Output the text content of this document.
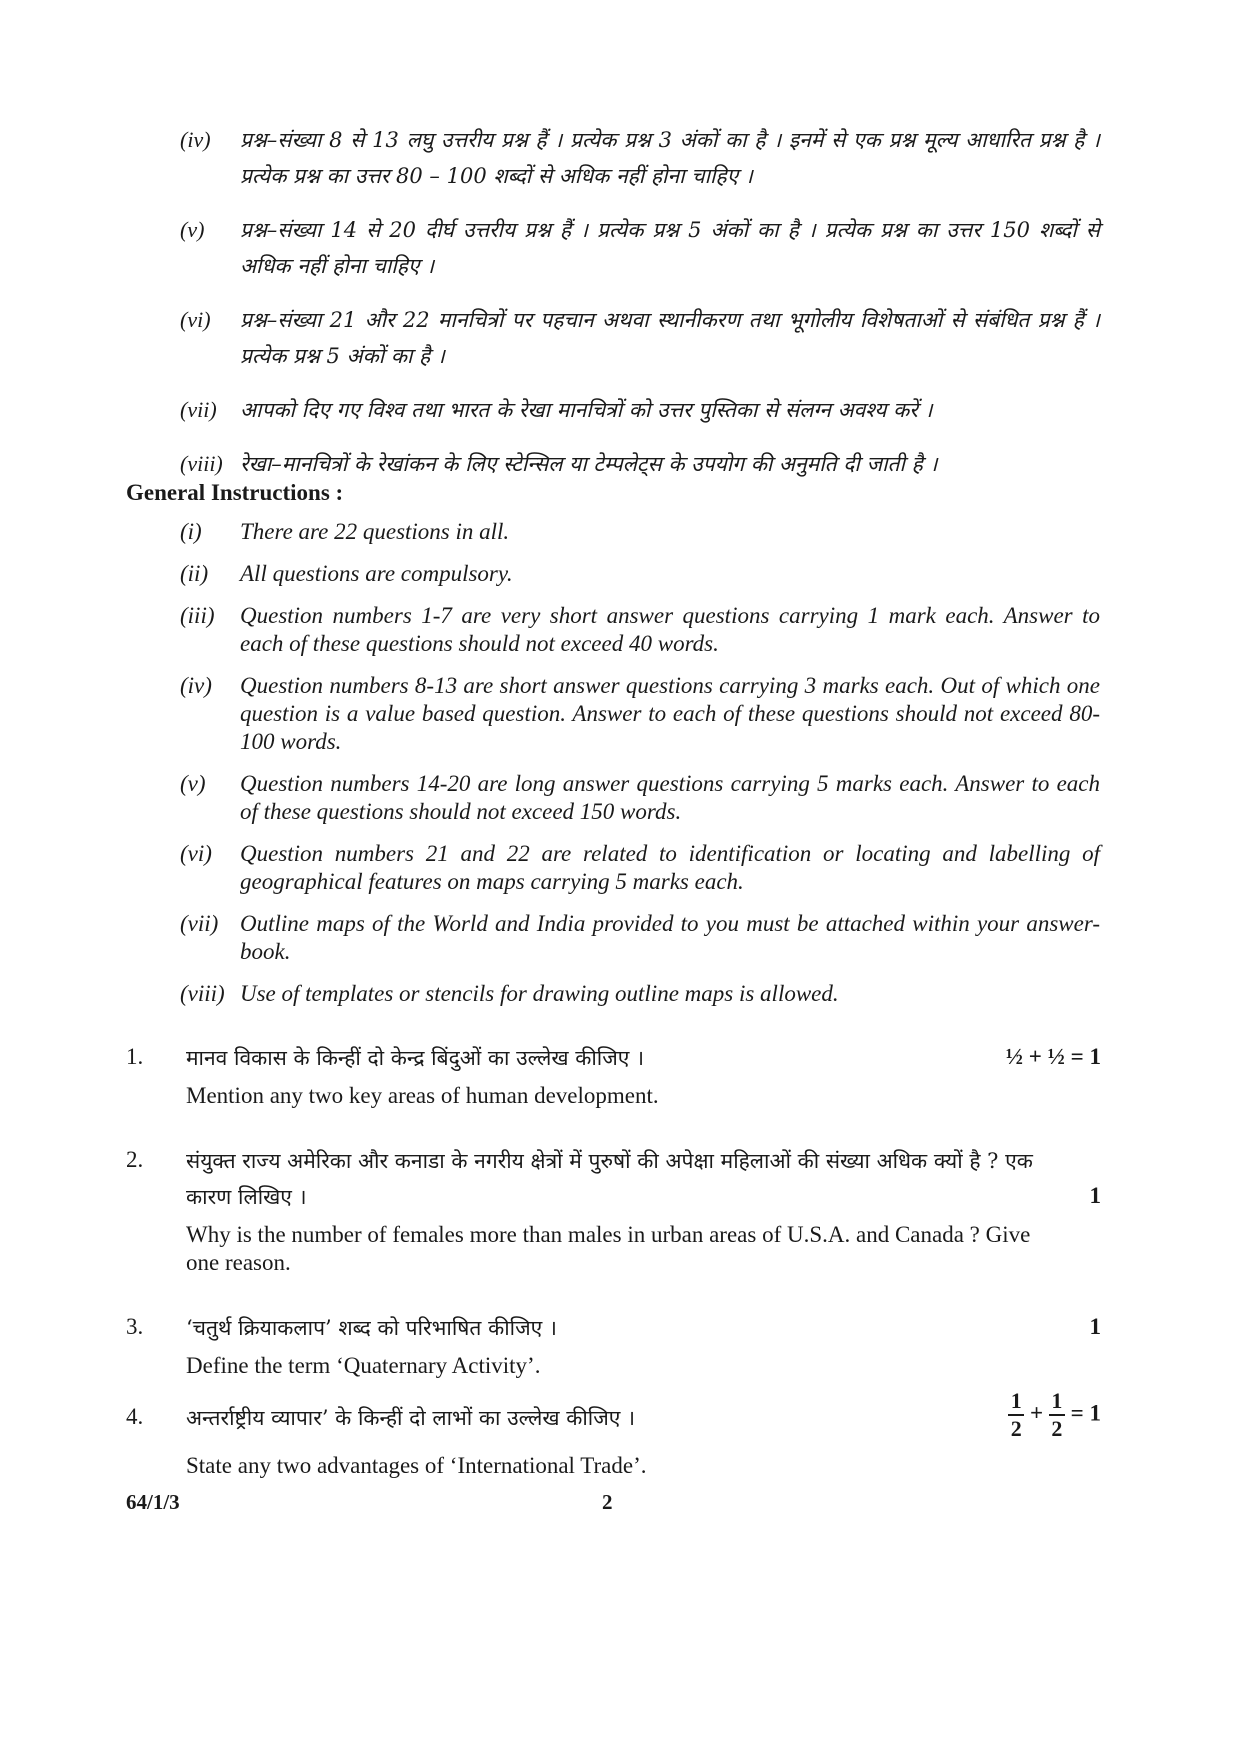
(iv)	प्रश्न–संख्या 8 से 13 लघु उत्तरीय प्रश्न हैं । प्रत्येक प्रश्न 3 अंकों का है । इनमें से एक प्रश्न मूल्य आधारित प्रश्न है । प्रत्येक प्रश्न का उत्तर 80 – 100 शब्दों से अधिक नहीं होना चाहिए ।
(v)	प्रश्न–संख्या 14 से 20 दीर्घ उत्तरीय प्रश्न हैं । प्रत्येक प्रश्न 5 अंकों का है । प्रत्येक प्रश्न का उत्तर 150 शब्दों से अधिक नहीं होना चाहिए ।
(vi)	प्रश्न–संख्या 21 और 22 मानचित्रों पर पहचान अथवा स्थानीकरण तथा भूगोलीय विशेषताओं से संबंधित प्रश्न हैं । प्रत्येक प्रश्न 5 अंकों का है ।
(vii)	आपको दिए गए विश्व तथा भारत के रेखा मानचित्रों को उत्तर पुस्तिका से संलग्न अवश्य करें ।
(viii) रेखा–मानचित्रों के रेखांकन के लिए स्टेन्सिल या टेम्पलेट्स के उपयोग की अनुमति दी जाती है ।
General Instructions :
(i)	There are 22 questions in all.
(ii)	All questions are compulsory.
(iii)	Question numbers 1-7 are very short answer questions carrying 1 mark each. Answer to each of these questions should not exceed 40 words.
(iv)	Question numbers 8-13 are short answer questions carrying 3 marks each. Out of which one question is a value based question. Answer to each of these questions should not exceed 80-100 words.
(v)	Question numbers 14-20 are long answer questions carrying 5 marks each. Answer to each of these questions should not exceed 150 words.
(vi)	Question numbers 21 and 22 are related to identification or locating and labelling of geographical features on maps carrying 5 marks each.
(vii) Outline maps of the World and India provided to you must be attached within your answer-book.
(viii) Use of templates or stencils for drawing outline maps is allowed.
1.	मानव विकास के किन्हीं दो केन्द्र बिंदुओं का उल्लेख कीजिए ।
Mention any two key areas of human development.
½ + ½ = 1
2.	संयुक्त राज्य अमेरिका और कनाडा के नगरीय क्षेत्रों में पुरुषों की अपेक्षा महिलाओं की संख्या अधिक क्यों है ? एक कारण लिखिए ।
Why is the number of females more than males in urban areas of U.S.A. and Canada ? Give one reason.
1
3.	‘चतुर्थ क्रियाकलाप’ शब्द को परिभाषित कीजिए ।
Define the term ‘Quaternary Activity’.
1
4.	अन्तर्राष्ट्रीय व्यापार’ के किन्हीं दो लाभों का उल्लेख कीजिए ।
State any two advantages of ‘International Trade’.
$\frac{1}{2} + \frac{1}{2} = 1$
64/1/3	2
